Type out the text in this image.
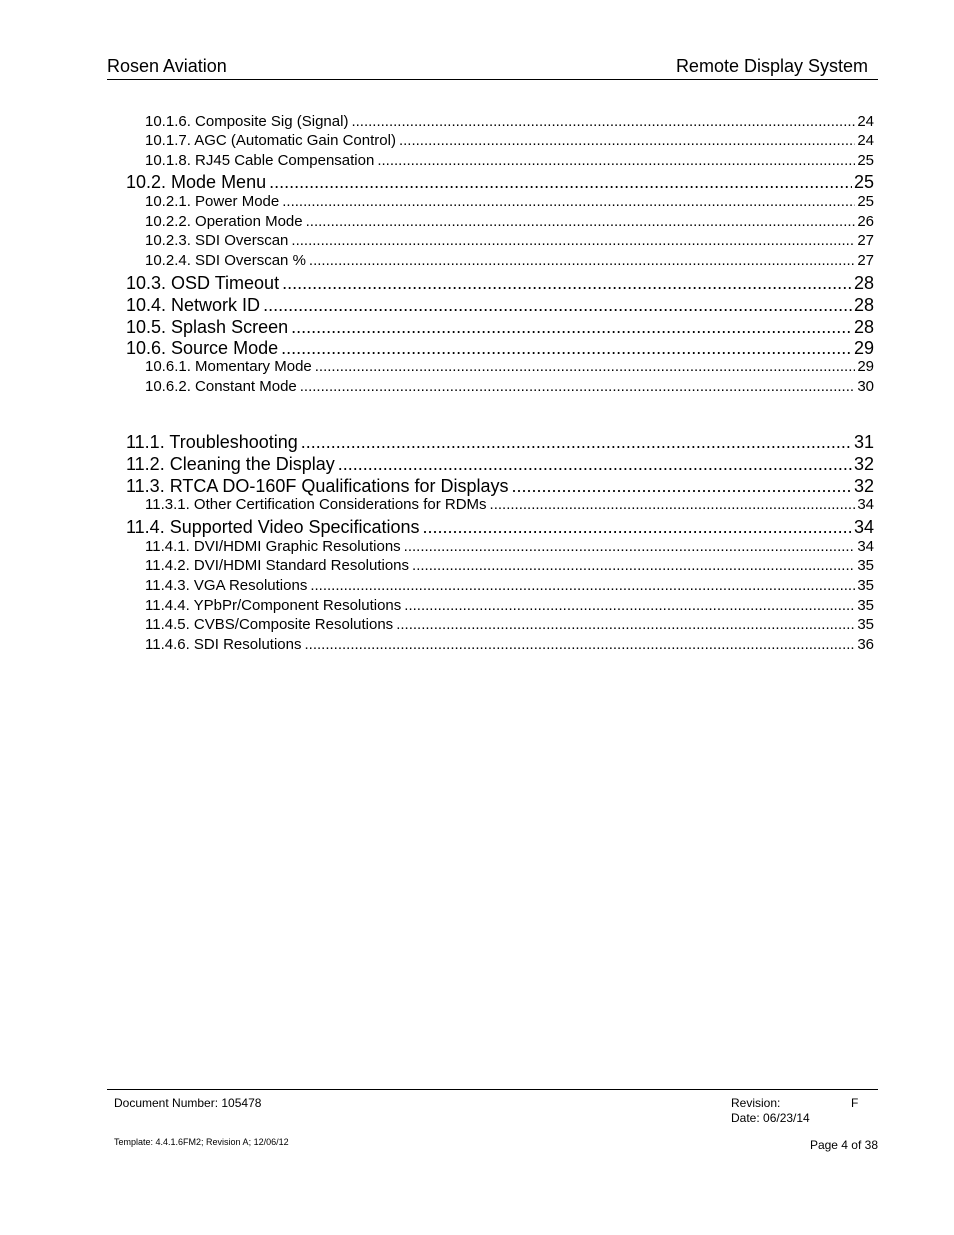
Rosen Aviation	Remote Display System
10.1.6. Composite Sig (Signal) .....	24
10.1.7. AGC (Automatic Gain Control) .....	24
10.1.8. RJ45 Cable Compensation .....	25
10.2. Mode Menu .....	25
10.2.1. Power Mode .....	25
10.2.2. Operation Mode .....	26
10.2.3. SDI Overscan .....	27
10.2.4. SDI Overscan % .....	27
10.3. OSD Timeout .....	28
10.4. Network ID .....	28
10.5. Splash Screen .....	28
10.6. Source Mode .....	29
10.6.1. Momentary Mode .....	29
10.6.2. Constant Mode .....	30
11.1. Troubleshooting .....	31
11.2. Cleaning the Display .....	32
11.3. RTCA DO-160F Qualifications for Displays .....	32
11.3.1. Other Certification Considerations for RDMs .....	34
11.4. Supported Video Specifications .....	34
11.4.1. DVI/HDMI Graphic Resolutions .....	34
11.4.2. DVI/HDMI Standard Resolutions .....	35
11.4.3. VGA Resolutions .....	35
11.4.4. YPbPr/Component Resolutions .....	35
11.4.5. CVBS/Composite Resolutions .....	35
11.4.6. SDI Resolutions .....	36
Document Number: 105478	Revision:	F
Date: 06/23/14
Template: 4.4.1.6FM2; Revision A; 12/06/12	Page 4 of 38
